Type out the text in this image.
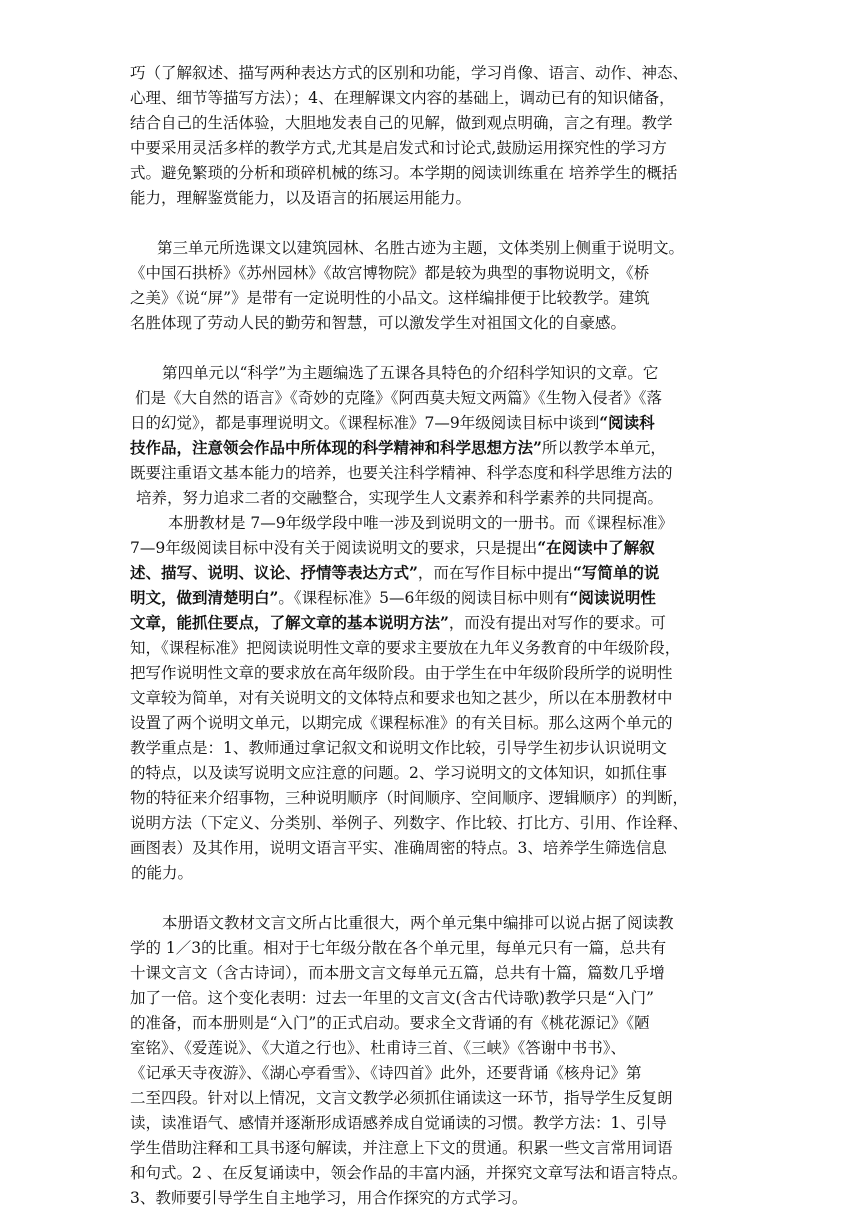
巧（了解叙述、描写两种表达方式的区别和功能，学习肖像、语言、动作、神态、
心理、细节等描写方法）；4、在理解课文内容的基础上，调动已有的知识储备，
结合自己的生活体验，大胆地发表自己的见解，做到观点明确，言之有理。教学
中要采用灵活多样的教学方式,尤其是启发式和讨论式,鼓励运用探究性的学习方
式。避免繁琐的分析和琐碎机械的练习。本学期的阅读训练重在 培养学生的概括
能力，理解鉴赏能力，以及语言的拓展运用能力。
第三单元所选课文以建筑园林、名胜古迹为主题，文体类别上侧重于说明文。
《中国石拱桥》《苏州园林》《故宫博物院》都是较为典型的事物说明文，《桥
之美》《说“屏”》是带有一定说明性的小品文。这样编排便于比较教学。建筑
名胜体现了劳动人民的勤劳和智慧，可以激发学生对祖国文化的自豪感。
第四单元以“科学”为主题编选了五课各具特色的介绍科学知识的文章。它
们是《大自然的语言》《奇妙的克隆》《阿西莫夫短文两篇》《生物入侵者》《落
日的幻觉》，都是事理说明文。《课程标准》7—9年级阅读目标中谈到“阅读科
技作品，注意领会作品中所体现的科学精神和科学思想方法”所以教学本单元，
既要注重语文基本能力的培养，也要关注科学精神、科学态度和科学思维方法的
培养，努力追求二者的交融整合，实现学生人文素养和科学素养的共同提高。
本册教材是 7—9年级学段中唯一涉及到说明文的一册书。而《课程标准》
7—9年级阅读目标中没有关于阅读说明文的要求，只是提出“在阅读中了解叙
述、描写、说明、议论、抒情等表达方式”，而在写作目标中提出“写简单的说
明文，做到清楚明白”。《课程标准》5—6年级的阅读目标中则有“阅读说明性
文章，能抓住要点，了解文章的基本说明方法”，而没有提出对写作的要求。可
知，《课程标准》把阅读说明性文章的要求主要放在九年义务教育的中年级阶段，
把写作说明性文章的要求放在高年级阶段。由于学生在中年级阶段所学的说明性
文章较为简单，对有关说明文的文体特点和要求也知之甚少，所以在本册教材中
设置了两个说明文单元，以期完成《课程标准》的有关目标。那么这两个单元的
教学重点是：1、教师通过拿记叙文和说明文作比较，引导学生初步认识说明文
的特点，以及读写说明文应注意的问题。2、学习说明文的文体知识，如抓住事
物的特征来介绍事物，三种说明顺序（时间顺序、空间顺序、逻辑顺序）的判断，
说明方法（下定义、分类别、举例子、列数字、作比较、打比方、引用、作诠释、
画图表）及其作用，说明文语言平实、准确周密的特点。3、培养学生筛选信息
的能力。
本册语文教材文言文所占比重很大，两个单元集中编排可以说占据了阅读教
学的 1／3的比重。相对于七年级分散在各个单元里，每单元只有一篇，总共有
十课文言文（含古诗词），而本册文言文每单元五篇，总共有十篇，篇数几乎增
加了一倍。这个变化表明：过去一年里的文言文(含古代诗歌)教学只是“入门”
的准备，而本册则是“入门”的正式启动。要求全文背诵的有《桃花源记》《陋
室铭》、《爱莲说》、《大道之行也》、杜甫诗三首、《三峡》《答谢中书书》、
《记承天寺夜游》、《湖心亭看雪》、《诗四首》此外，还要背诵《核舟记》第
二至四段。针对以上情况，文言文教学必须抓住诵读这一环节，指导学生反复朗
读，读准语气、感情并逐渐形成语感养成自觉诵读的习惯。教学方法：1、引导
学生借助注释和工具书逐句解读，并注意上下文的贯通。积累一些文言常用词语
和句式。2 、在反复诵读中，领会作品的丰富内涵，并探究文章写法和语言特点。
3、教师要引导学生自主地学习，用合作探究的方式学习。
